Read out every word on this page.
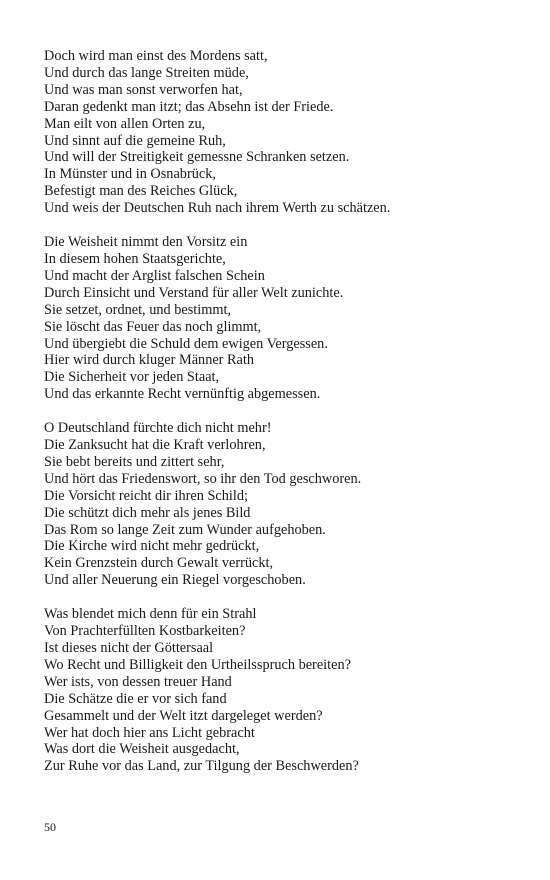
Doch wird man einst des Mordens satt,
Und durch das lange Streiten müde,
Und was man sonst verworfen hat,
Daran gedenkt man itzt; das Absehn ist der Friede.
Man eilt von allen Orten zu,
Und sinnt auf die gemeine Ruh,
Und will der Streitigkeit gemessne Schranken setzen.
In Münster und in Osnabrück,
Befestigt man des Reiches Glück,
Und weis der Deutschen Ruh nach ihrem Werth zu schätzen.
Die Weisheit nimmt den Vorsitz ein
In diesem hohen Staatsgerichte,
Und macht der Arglist falschen Schein
Durch Einsicht und Verstand für aller Welt zunichte.
Sie setzet, ordnet, und bestimmt,
Sie löscht das Feuer das noch glimmt,
Und übergiebt die Schuld dem ewigen Vergessen.
Hier wird durch kluger Männer Rath
Die Sicherheit vor jeden Staat,
Und das erkannte Recht vernünftig abgemessen.
O Deutschland fürchte dich nicht mehr!
Die Zanksucht hat die Kraft verlohren,
Sie bebt bereits und zittert sehr,
Und hört das Friedenswort, so ihr den Tod geschworen.
Die Vorsicht reicht dir ihren Schild;
Die schützt dich mehr als jenes Bild
Das Rom so lange Zeit zum Wunder aufgehoben.
Die Kirche wird nicht mehr gedrückt,
Kein Grenzstein durch Gewalt verrückt,
Und aller Neuerung ein Riegel vorgeschoben.
Was blendet mich denn für ein Strahl
Von Prachterfüllten Kostbarkeiten?
Ist dieses nicht der Göttersaal
Wo Recht und Billigkeit den Urtheilsspruch bereiten?
Wer ists, von dessen treuer Hand
Die Schätze die er vor sich fand
Gesammelt und der Welt itzt dargeleget werden?
Wer hat doch hier ans Licht gebracht
Was dort die Weisheit ausgedacht,
Zur Ruhe vor das Land, zur Tilgung der Beschwerden?
50
